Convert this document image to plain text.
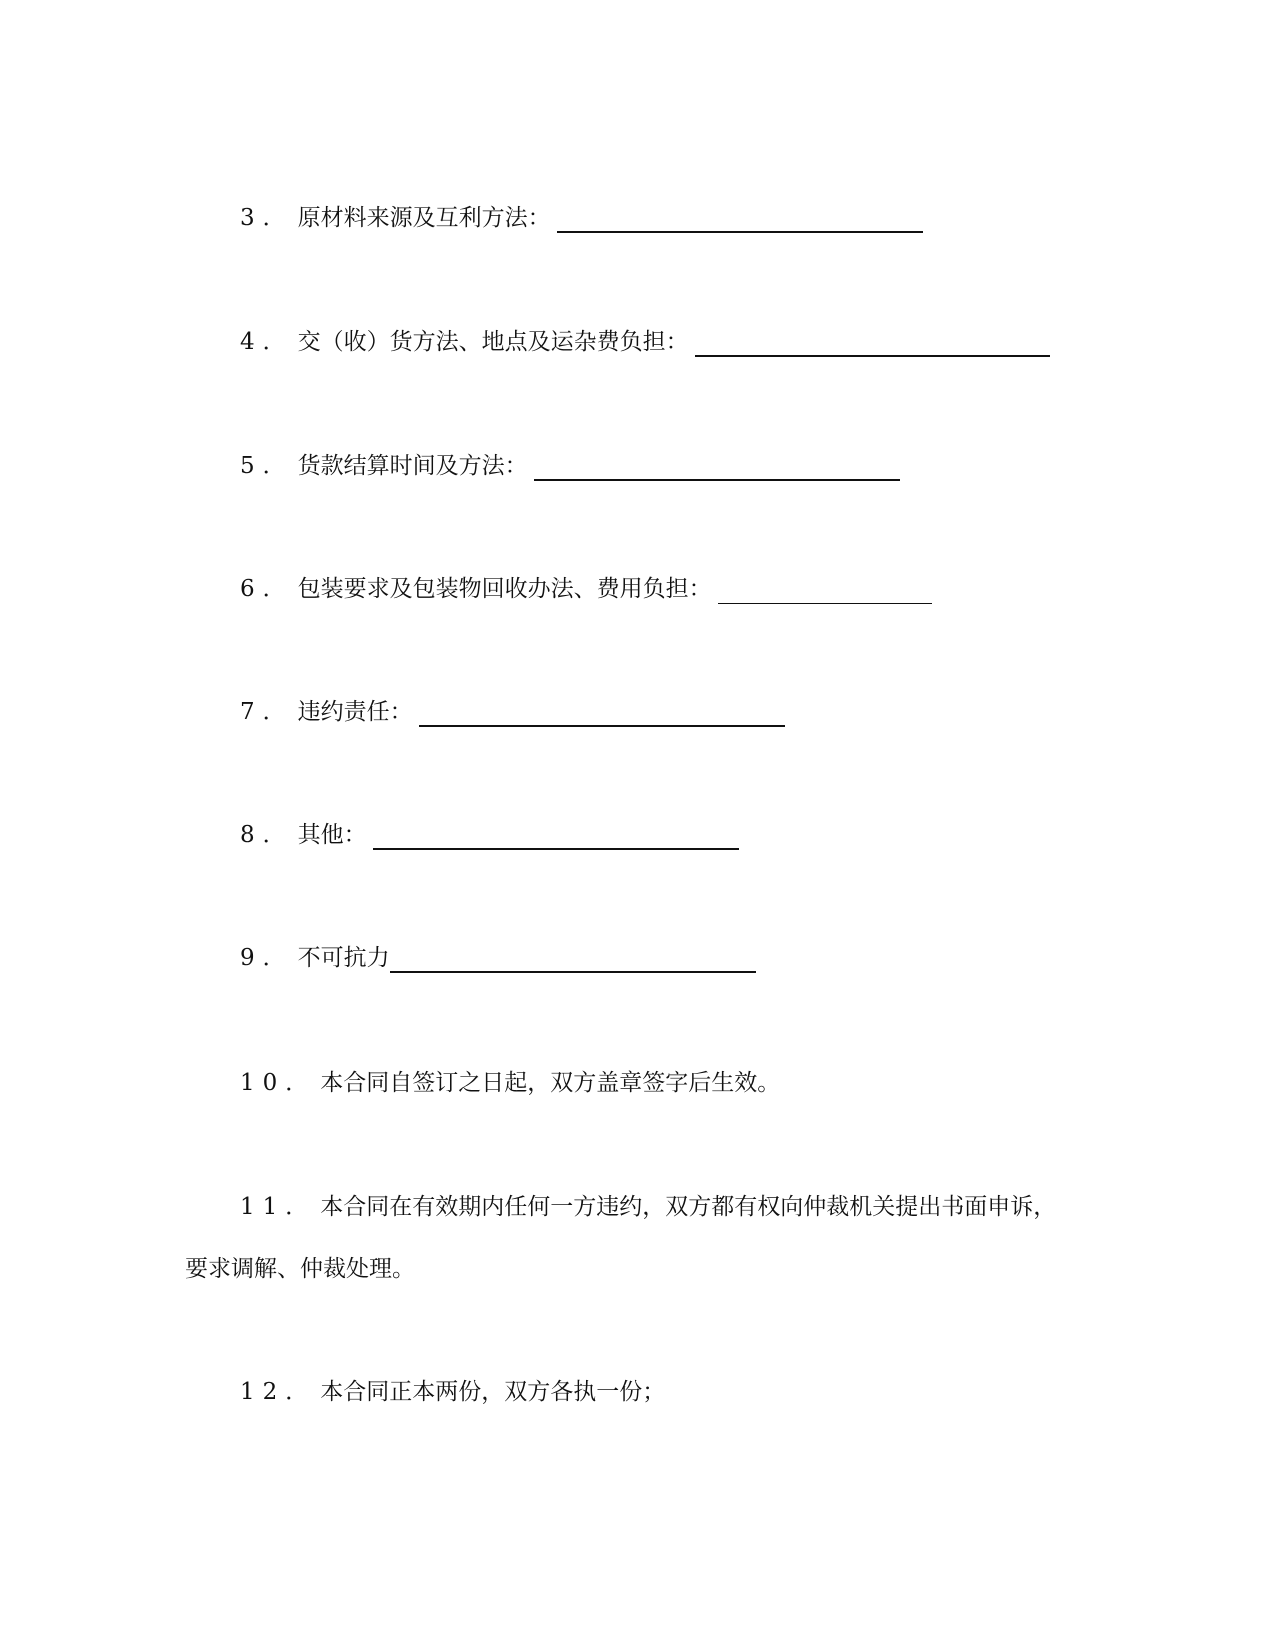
3． 原材料来源及互利方法：
4． 交（收）货方法、地点及运杂费负担：
5． 货款结算时间及方法：
6． 包装要求及包装物回收办法、费用负担：
7． 违约责任：
8． 其他：
9． 不可抗力
10． 本合同自签订之日起，双方盖章签字后生效。
11． 本合同在有效期内任何一方违约，双方都有权向仲裁机关提出书面申诉，
要求调解、仲裁处理。
12． 本合同正本两份，双方各执一份；
